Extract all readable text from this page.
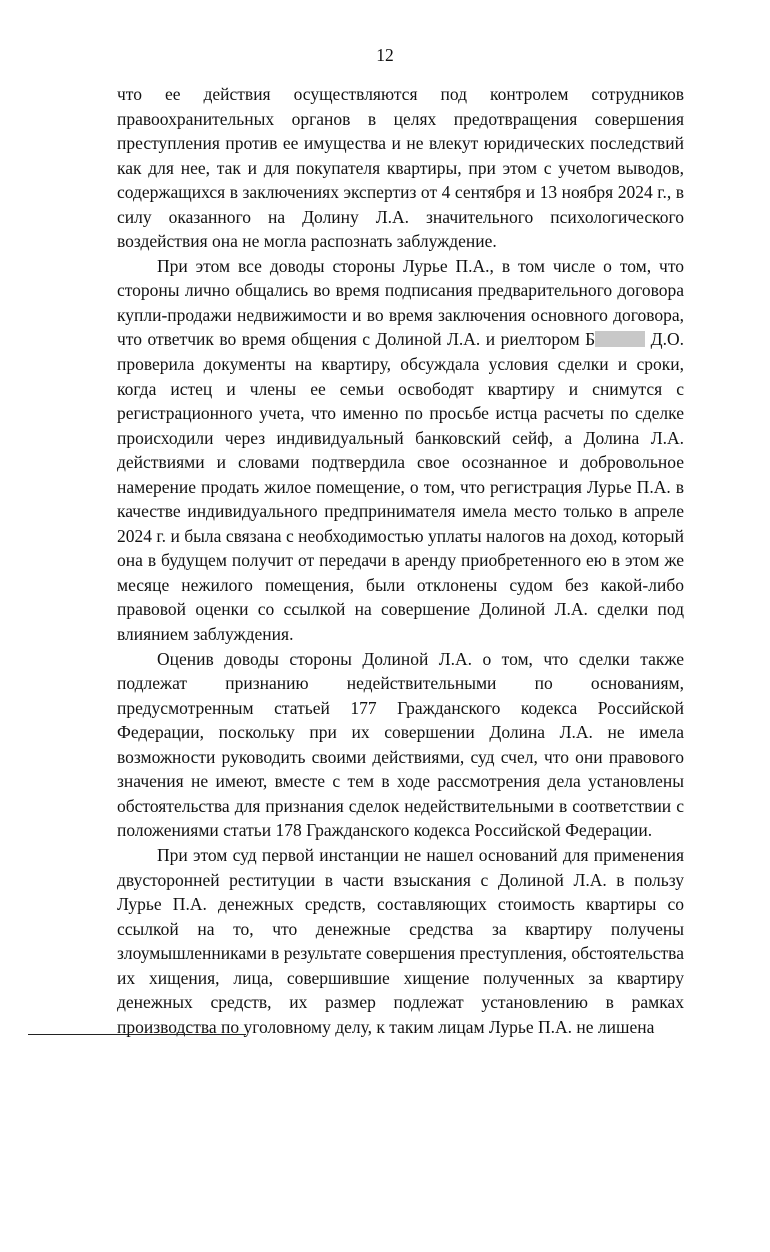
12

что ее действия осуществляются под контролем сотрудников правоохранительных органов в целях предотвращения совершения преступления против ее имущества и не влекут юридических последствий как для нее, так и для покупателя квартиры, при этом с учетом выводов, содержащихся в заключениях экспертиз от 4 сентября и 13 ноября 2024 г., в силу оказанного на Долину Л.А. значительного психологического воздействия она не могла распознать заблуждение.

При этом все доводы стороны Лурье П.А., в том числе о том, что стороны лично общались во время подписания предварительного договора купли-продажи недвижимости и во время заключения основного договора, что ответчик во время общения с Долиной Л.А. и риелтором Б	Д.О. проверила документы на квартиру, обсуждала условия сделки и сроки, когда истец и члены ее семьи освободят квартиру и снимутся с регистрационного учета, что именно по просьбе истца расчеты по сделке происходили через индивидуальный банковский сейф, а Долина Л.А. действиями и словами подтвердила свое осознанное и добровольное намерение продать жилое помещение, о том, что регистрация Лурье П.А. в качестве индивидуального предпринимателя имела место только в апреле 2024 г. и была связана с необходимостью уплаты налогов на доход, который она в будущем получит от передачи в аренду приобретенного ею в этом же месяце нежилого помещения, были отклонены судом без какой-либо правовой оценки со ссылкой на совершение Долиной Л.А. сделки под влиянием заблуждения.

Оценив доводы стороны Долиной Л.А. о том, что сделки также подлежат признанию недействительными по основаниям, предусмотренным статьей 177 Гражданского кодекса Российской Федерации, поскольку при их совершении Долина Л.А. не имела возможности руководить своими действиями, суд счел, что они правового значения не имеют, вместе с тем в ходе рассмотрения дела установлены обстоятельства для признания сделок недействительными в соответствии с положениями статьи 178 Гражданского кодекса Российской Федерации.

При этом суд первой инстанции не нашел оснований для применения двусторонней реституции в части взыскания с Долиной Л.А. в пользу Лурье П.А. денежных средств, составляющих стоимость квартиры со ссылкой на то, что денежные средства за квартиру получены злоумышленниками в результате совершения преступления, обстоятельства их хищения, лица, совершившие хищение полученных за квартиру денежных средств, их размер подлежат установлению в рамках производства по уголовному делу, к таким лицам Лурье П.А. не лишена
